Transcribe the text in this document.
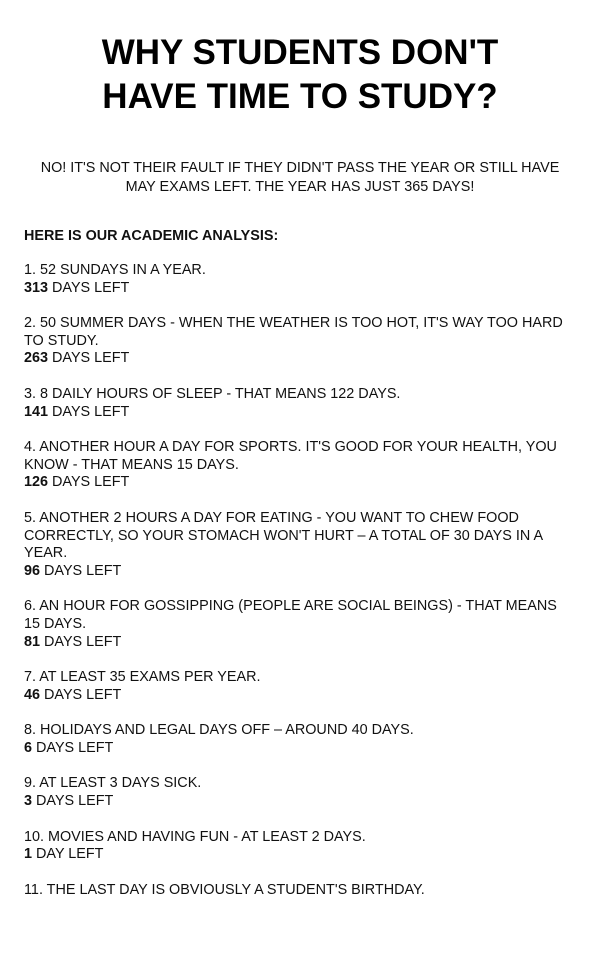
WHY STUDENTS DON'T
HAVE TIME TO STUDY?
NO! IT'S NOT THEIR FAULT IF THEY DIDN'T PASS THE YEAR OR STILL HAVE MAY EXAMS LEFT. THE YEAR HAS JUST 365 DAYS!
HERE IS OUR ACADEMIC ANALYSIS:
1. 52 SUNDAYS IN A YEAR.
313 DAYS LEFT
2. 50 SUMMER DAYS - WHEN THE WEATHER IS TOO HOT, IT'S WAY TOO HARD TO STUDY.
263 DAYS LEFT
3. 8 DAILY HOURS OF SLEEP - THAT MEANS 122 DAYS.
141 DAYS LEFT
4. ANOTHER HOUR A DAY FOR SPORTS. IT'S GOOD FOR YOUR HEALTH, YOU KNOW - THAT MEANS 15 DAYS.
126 DAYS LEFT
5. ANOTHER 2 HOURS A DAY FOR EATING - YOU WANT TO CHEW FOOD CORRECTLY, SO YOUR STOMACH WON'T HURT – A TOTAL OF 30 DAYS IN A YEAR.
96 DAYS LEFT
6. AN HOUR FOR GOSSIPPING (PEOPLE ARE SOCIAL BEINGS) - THAT MEANS 15 DAYS.
81 DAYS LEFT
7. AT LEAST 35 EXAMS PER YEAR.
46 DAYS LEFT
8. HOLIDAYS AND LEGAL DAYS OFF – AROUND 40 DAYS.
6 DAYS LEFT
9. AT LEAST 3 DAYS SICK.
3 DAYS LEFT
10. MOVIES AND HAVING FUN - AT LEAST 2 DAYS.
1 DAY LEFT
11. THE LAST DAY IS OBVIOUSLY A STUDENT'S BIRTHDAY.
